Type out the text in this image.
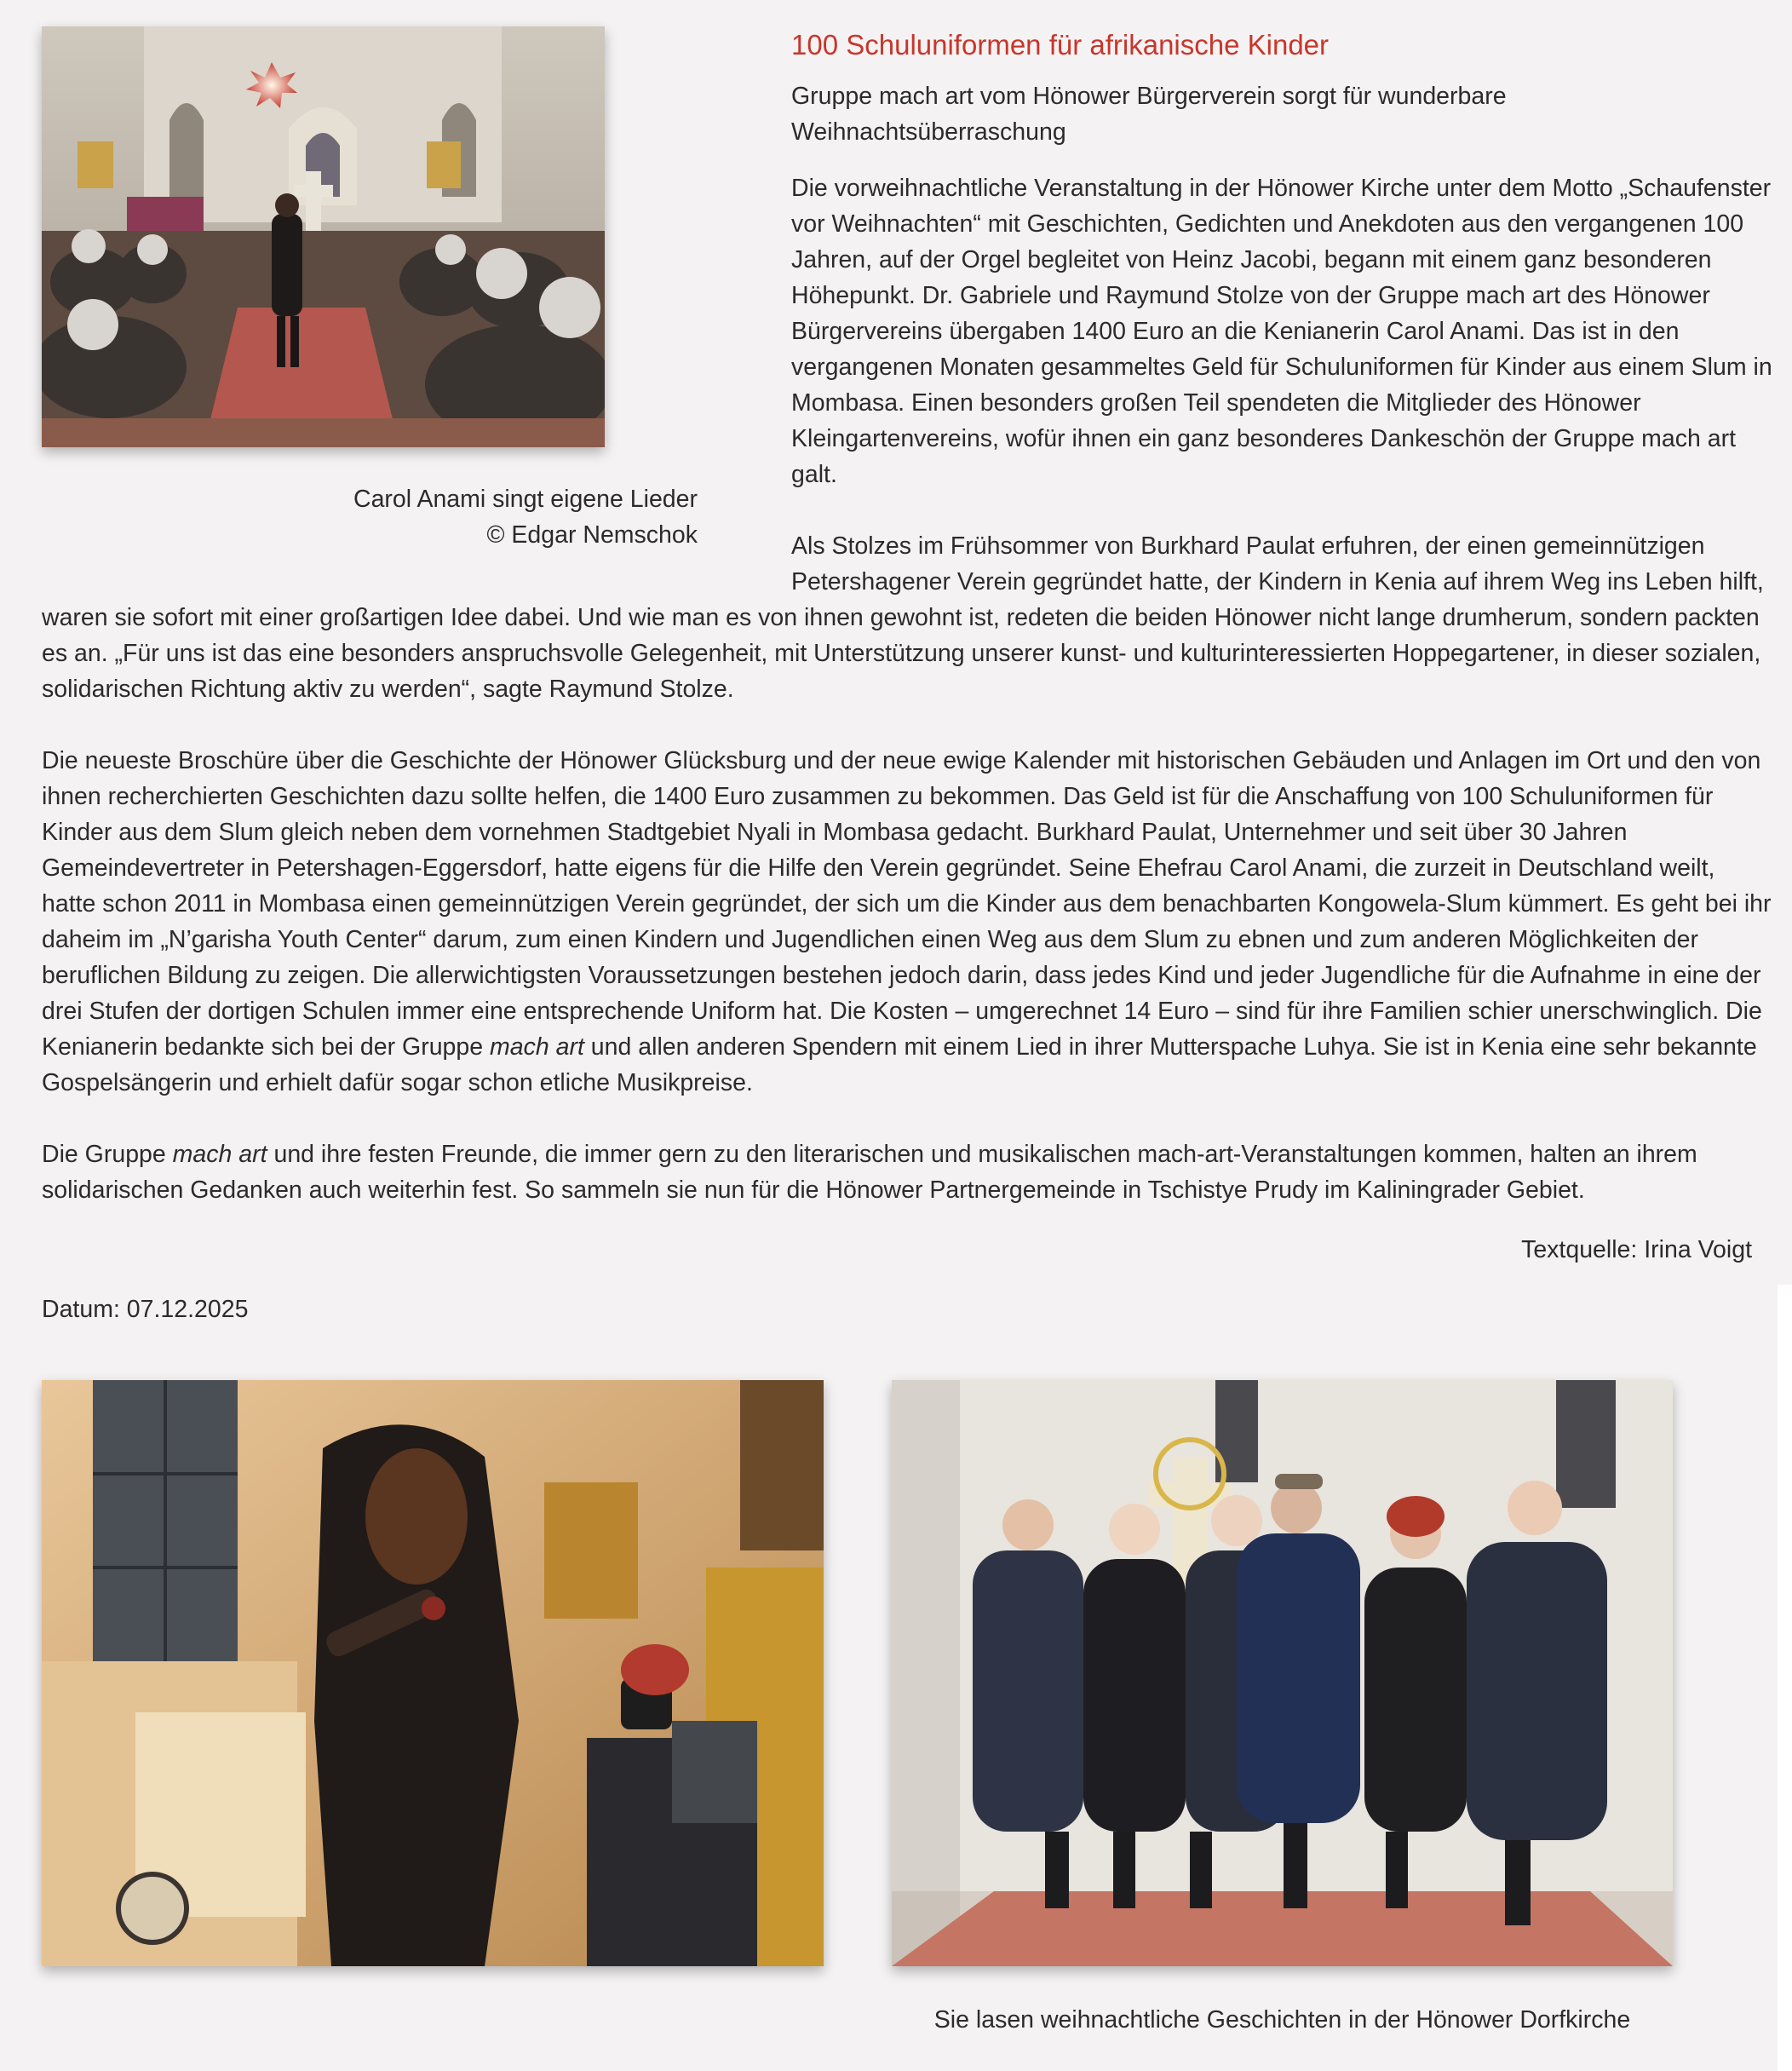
Carol Anami singt eigene Lieder
© Edgar Nemschok
100 Schuluniformen für afrikanische Kinder

Gruppe mach art vom Hönower Bürgerverein sorgt für wunderbare Weihnachtsüberraschung

Die vorweihnachtliche Veranstaltung in der Hönower Kirche unter dem Motto „Schaufenster vor Weihnachten“ mit Geschichten, Gedichten und Anekdoten aus den vergangenen 100 Jahren, auf der Orgel begleitet von Heinz Jacobi, begann mit einem ganz besonderen Höhepunkt. Dr. Gabriele und Raymund Stolze von der Gruppe mach art des Hönower Bürgervereins übergaben 1400 Euro an die Kenianerin Carol Anami. Das ist in den vergangenen Monaten gesammeltes Geld für Schuluniformen für Kinder aus einem Slum in Mombasa. Einen besonders großen Teil spendeten die Mitglieder des Hönower Kleingartenvereins, wofür ihnen ein ganz besonderes Dankeschön der Gruppe mach art galt.

Als Stolzes im Frühsommer von Burkhard Paulat erfuhren, der einen gemeinnützigen Petershagener Verein gegründet hatte, der Kindern in Kenia auf ihrem Weg ins Leben hilft, waren sie sofort mit einer großartigen Idee dabei. Und wie man es von ihnen gewohnt ist, redeten die beiden Hönower nicht lange drumherum, sondern packten es an. „Für uns ist das eine besonders anspruchsvolle Gelegenheit, mit Unterstützung unserer kunst- und kulturinteressierten Hoppegartener, in dieser sozialen, solidarischen Richtung aktiv zu werden“, sagte Raymund Stolze.

Die neueste Broschüre über die Geschichte der Hönower Glücksburg und der neue ewige Kalender mit historischen Gebäuden und Anlagen im Ort und den von ihnen recherchierten Geschichten dazu sollte helfen, die 1400 Euro zusammen zu bekommen. Das Geld ist für die Anschaffung von 100 Schuluniformen für Kinder aus dem Slum gleich neben dem vornehmen Stadtgebiet Nyali in Mombasa gedacht. Burkhard Paulat, Unternehmer und seit über 30 Jahren Gemeindevertreter in Petershagen-Eggersdorf, hatte eigens für die Hilfe den Verein gegründet. Seine Ehefrau Carol Anami, die zurzeit in Deutschland weilt, hatte schon 2011 in Mombasa einen gemeinnützigen Verein gegründet, der sich um die Kinder aus dem benachbarten Kongowela-Slum kümmert. Es geht bei ihr daheim im „N’garisha Youth Center“ darum, zum einen Kindern und Jugendlichen einen Weg aus dem Slum zu ebnen und zum anderen Möglichkeiten der beruflichen Bildung zu zeigen. Die allerwichtigsten Voraussetzungen bestehen jedoch darin, dass jedes Kind und jeder Jugendliche für die Aufnahme in eine der drei Stufen der dortigen Schulen immer eine entsprechende Uniform hat. Die Kosten – umgerechnet 14 Euro – sind für ihre Familien schier unerschwinglich. Die Kenianerin bedankte sich bei der Gruppe mach art und allen anderen Spendern mit einem Lied in ihrer Mutterspache Luhya. Sie ist in Kenia eine sehr bekannte Gospelsängerin und erhielt dafür sogar schon etliche Musikpreise.

Die Gruppe mach art und ihre festen Freunde, die immer gern zu den literarischen und musikalischen mach-art-Veranstaltungen kommen, halten an ihrem solidarischen Gedanken auch weiterhin fest. So sammeln sie nun für die Hönower Partnergemeinde in Tschistye Prudy im Kaliningrader Gebiet.

Textquelle: Irina Voigt

Datum: 07.12.2025

Sie lasen weihnachtliche Geschichten in der Hönower Dorfkirche
